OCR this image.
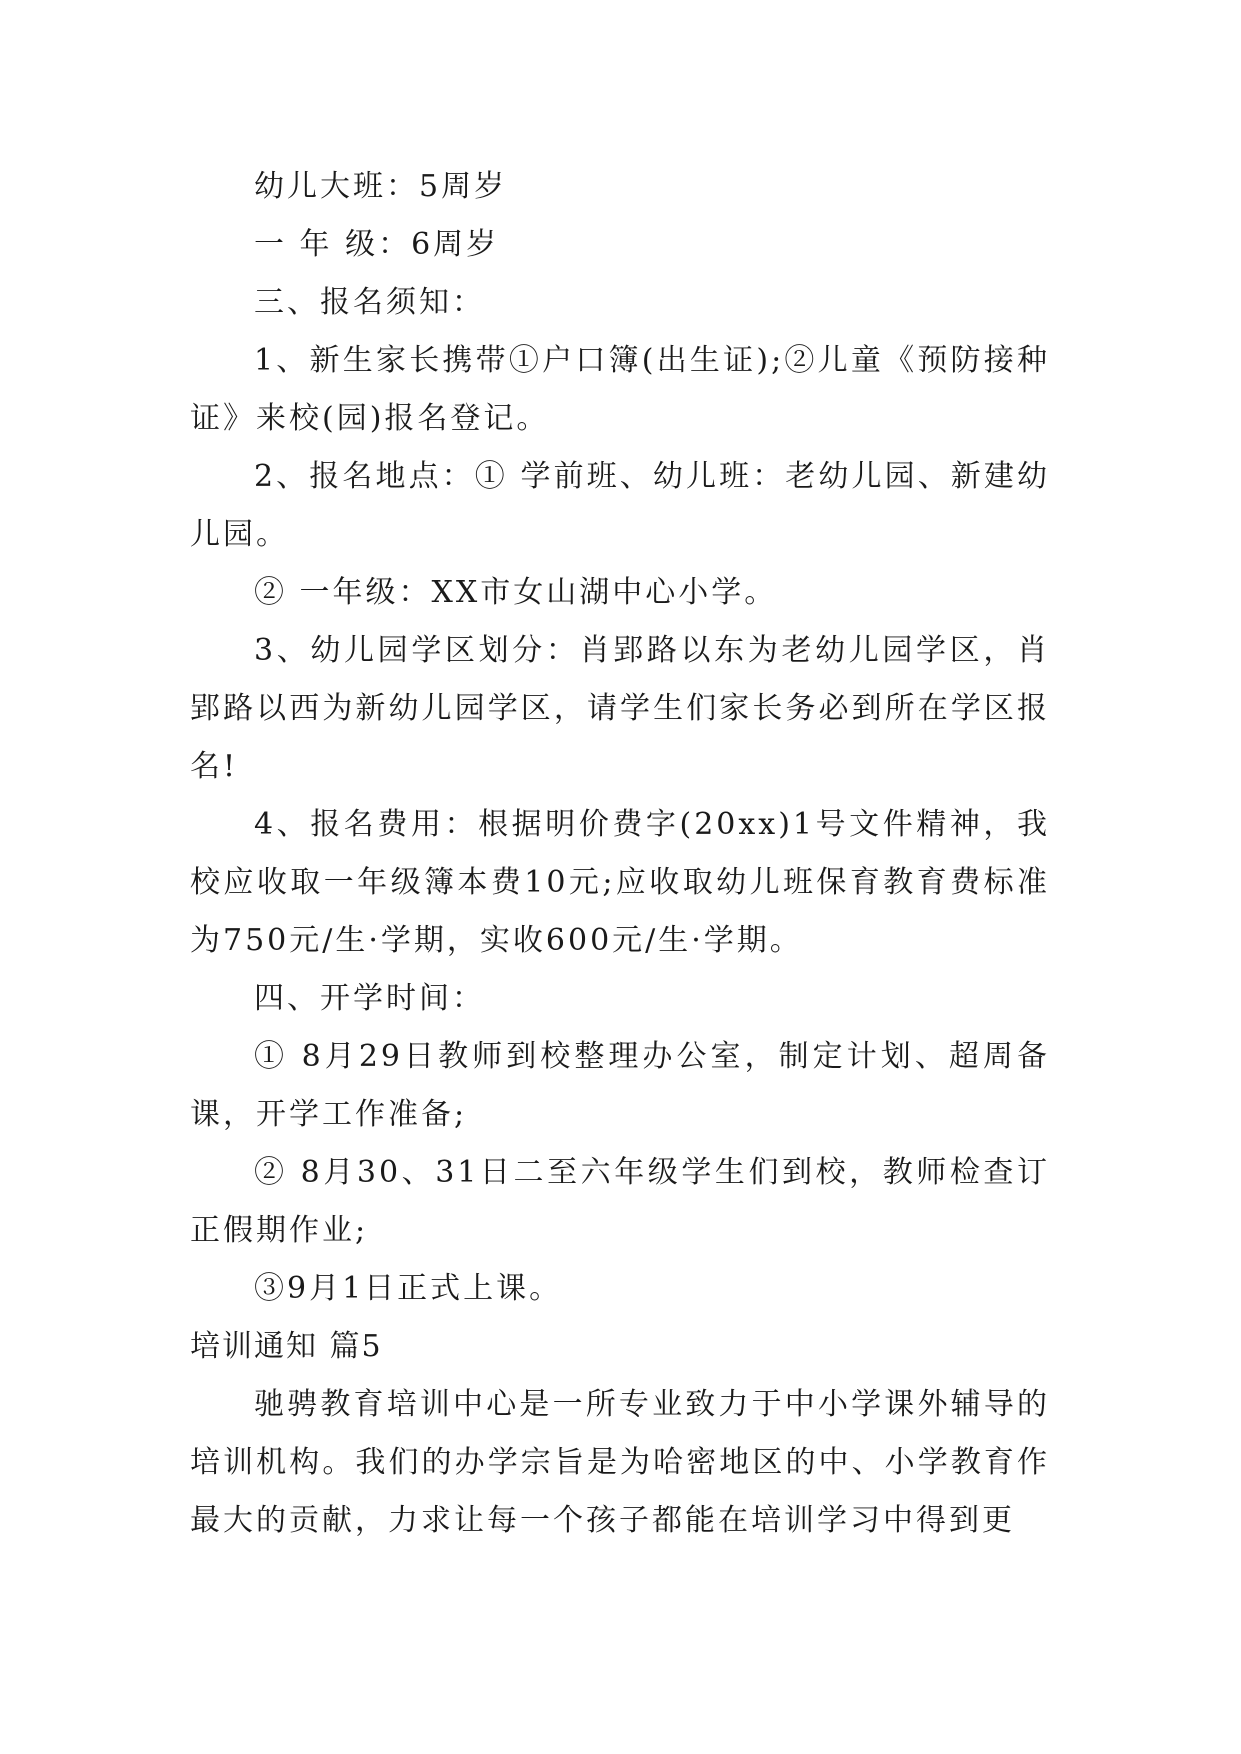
幼儿大班：5周岁

一 年 级：6周岁

三、报名须知：

1、新生家长携带①户口簿(出生证);②儿童《预防接种证》来校(园)报名登记。

2、报名地点：① 学前班、幼儿班：老幼儿园、新建幼儿园。

② 一年级：XX市女山湖中心小学。

3、幼儿园学区划分：肖郢路以东为老幼儿园学区，肖郢路以西为新幼儿园学区，请学生们家长务必到所在学区报名!

4、报名费用：根据明价费字(20xx)1号文件精神，我校应收取一年级簿本费10元;应收取幼儿班保育教育费标准为750元/生·学期，实收600元/生·学期。

四、开学时间：

① 8月29日教师到校整理办公室，制定计划、超周备课，开学工作准备;

② 8月30、31日二至六年级学生们到校，教师检查订正假期作业;

③9月1日正式上课。

培训通知 篇5

驰骋教育培训中心是一所专业致力于中小学课外辅导的培训机构。我们的办学宗旨是为哈密地区的中、小学教育作最大的贡献，力求让每一个孩子都能在培训学习中得到更
